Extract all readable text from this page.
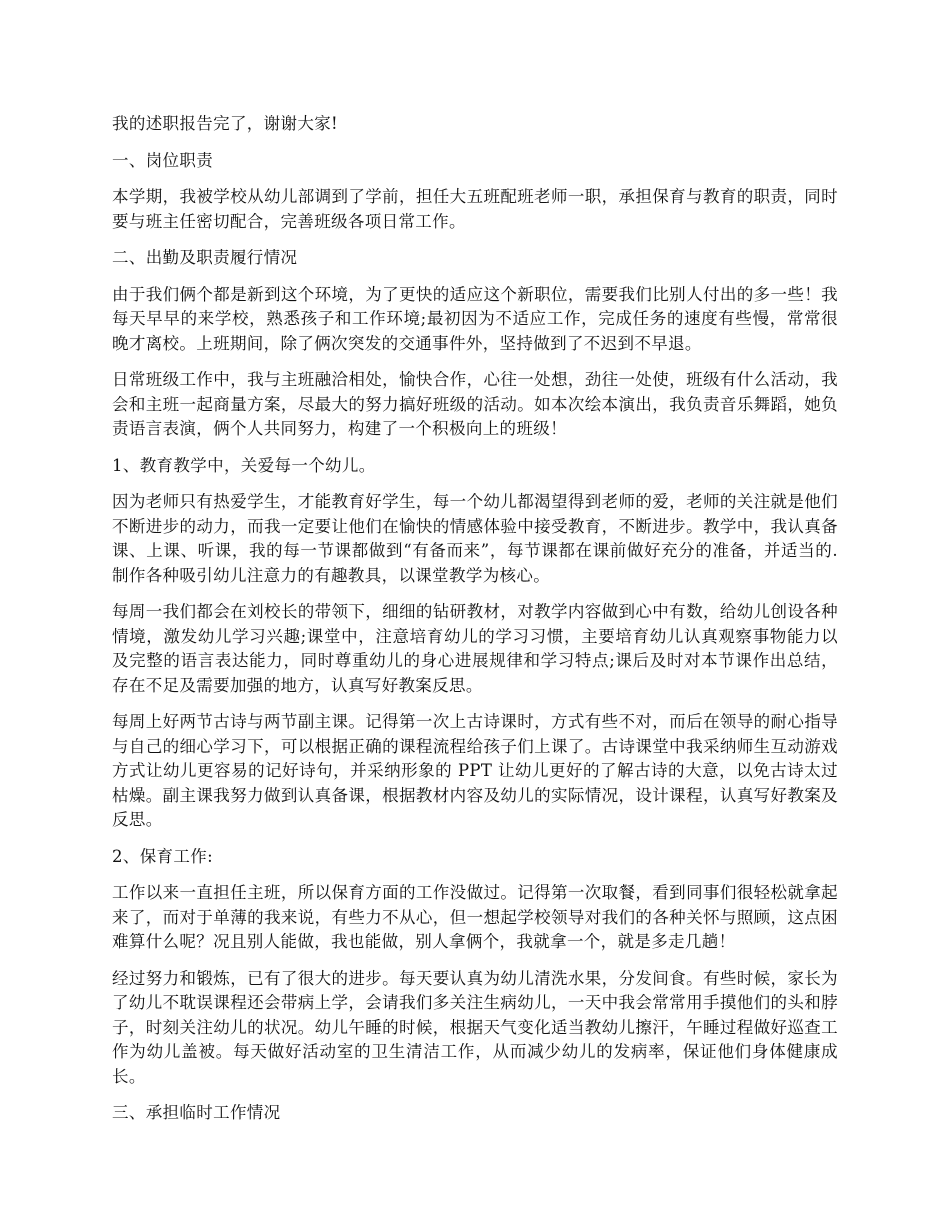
我的述职报告完了，谢谢大家!

一、岗位职责

本学期，我被学校从幼儿部调到了学前，担任大五班配班老师一职，承担保育与教育的职责，同时要与班主任密切配合，完善班级各项日常工作。

二、出勤及职责履行情况

由于我们俩个都是新到这个环境，为了更快的适应这个新职位，需要我们比别人付出的多一些！我每天早早的来学校，熟悉孩子和工作环境;最初因为不适应工作，完成任务的速度有些慢，常常很晚才离校。上班期间，除了俩次突发的交通事件外，坚持做到了不迟到不早退。

日常班级工作中，我与主班融洽相处，愉快合作，心往一处想，劲往一处使，班级有什么活动，我会和主班一起商量方案，尽最大的努力搞好班级的活动。如本次绘本演出，我负责音乐舞蹈，她负责语言表演，俩个人共同努力，构建了一个积极向上的班级！

1、教育教学中，关爱每一个幼儿。

因为老师只有热爱学生，才能教育好学生，每一个幼儿都渴望得到老师的爱，老师的关注就是他们不断进步的动力，而我一定要让他们在愉快的情感体验中接受教育，不断进步。教学中，我认真备课、上课、听课，我的每一节课都做到“有备而来”，每节课都在课前做好充分的准备，并适当的.制作各种吸引幼儿注意力的有趣教具，以课堂教学为核心。

每周一我们都会在刘校长的带领下，细细的钻研教材，对教学内容做到心中有数，给幼儿创设各种情境，激发幼儿学习兴趣;课堂中，注意培育幼儿的学习习惯，主要培育幼儿认真观察事物能力以及完整的语言表达能力，同时尊重幼儿的身心进展规律和学习特点;课后及时对本节课作出总结，存在不足及需要加强的地方，认真写好教案反思。

每周上好两节古诗与两节副主课。记得第一次上古诗课时，方式有些不对，而后在领导的耐心指导与自己的细心学习下，可以根据正确的课程流程给孩子们上课了。古诗课堂中我采纳师生互动游戏方式让幼儿更容易的记好诗句，并采纳形象的 PPT 让幼儿更好的了解古诗的大意，以免古诗太过枯燥。副主课我努力做到认真备课，根据教材内容及幼儿的实际情况，设计课程，认真写好教案及反思。

2、保育工作:

工作以来一直担任主班，所以保育方面的工作没做过。记得第一次取餐，看到同事们很轻松就拿起来了，而对于单薄的我来说，有些力不从心，但一想起学校领导对我们的各种关怀与照顾，这点困难算什么呢？况且别人能做，我也能做，别人拿俩个，我就拿一个，就是多走几趟！

经过努力和锻炼，已有了很大的进步。每天要认真为幼儿清洗水果，分发间食。有些时候，家长为了幼儿不耽误课程还会带病上学，会请我们多关注生病幼儿，一天中我会常常用手摸他们的头和脖子，时刻关注幼儿的状况。幼儿午睡的时候，根据天气变化适当教幼儿擦汗，午睡过程做好巡查工作为幼儿盖被。每天做好活动室的卫生清洁工作，从而减少幼儿的发病率，保证他们身体健康成长。

三、承担临时工作情况
